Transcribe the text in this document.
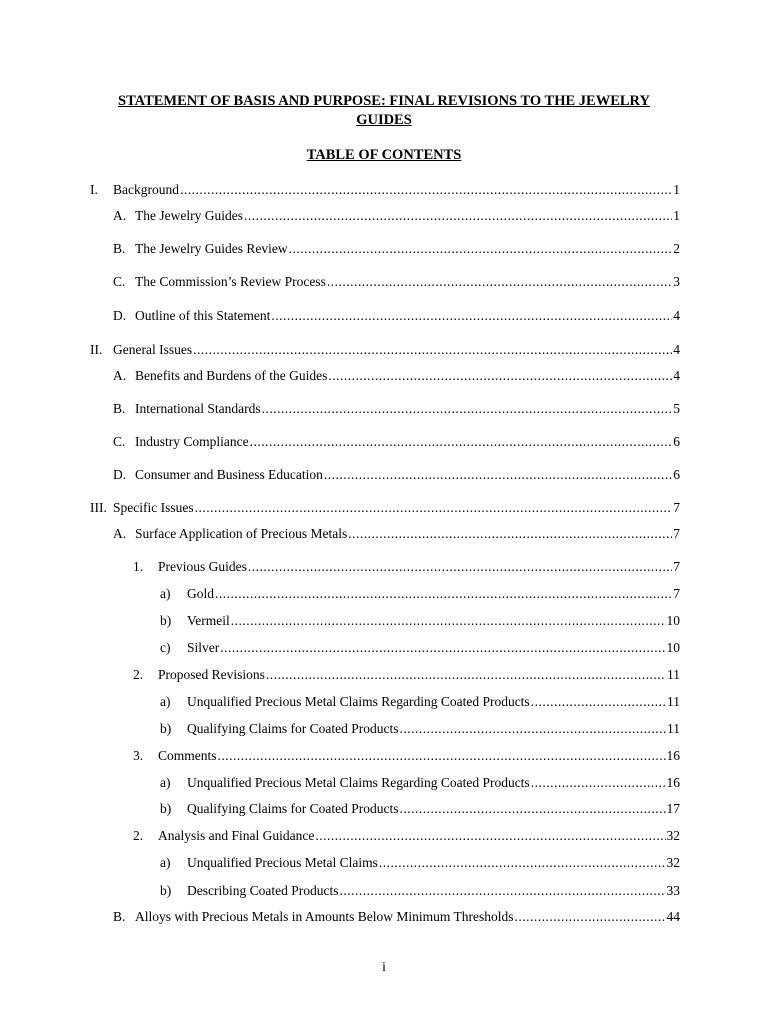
STATEMENT OF BASIS AND PURPOSE: FINAL REVISIONS TO THE JEWELRY
GUIDES
TABLE OF CONTENTS
I.	Background .....	1
A. The Jewelry Guides .....	1
B. The Jewelry Guides Review .....	2
C. The Commission’s Review Process .....	3
D. Outline of this Statement .....	4
II. General Issues .....	4
A. Benefits and Burdens of the Guides .....	4
B. International Standards .....	5
C. Industry Compliance .....	6
D. Consumer and Business Education .....	6
III. Specific Issues .....	7
A. Surface Application of Precious Metals .....	7
1.	Previous Guides .....	7
a)	Gold .....	7
b)	Vermeil .....	10
c)	Silver .....	10
2.	Proposed Revisions .....	11
a)	Unqualified Precious Metal Claims Regarding Coated Products .....	11
b)	Qualifying Claims for Coated Products .....	11
3.	Comments .....	16
a)	Unqualified Precious Metal Claims Regarding Coated Products .....	16
b)	Qualifying Claims for Coated Products .....	17
2.	Analysis and Final Guidance .....	32
a)	Unqualified Precious Metal Claims .....	32
b)	Describing Coated Products .....	33
B. Alloys with Precious Metals in Amounts Below Minimum Thresholds .....	44
i
